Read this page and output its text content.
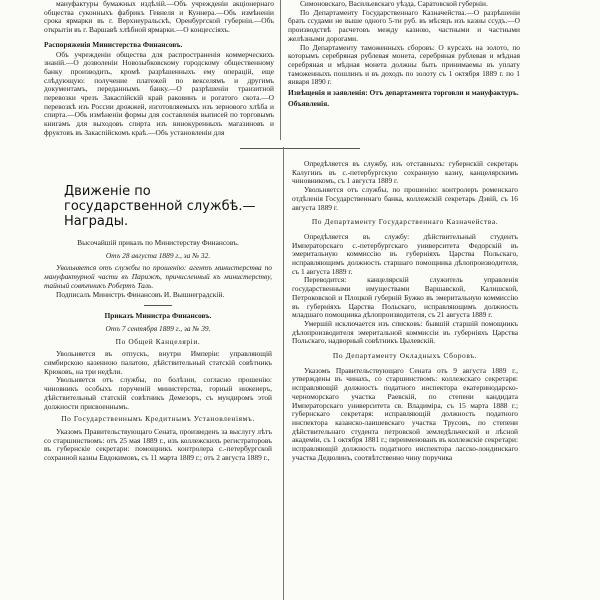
мануфактуры бумажных издѣлій.—Объ учрежденіи акціонернаго общества суконныхъ фабрикъ Гевнеля и Куннера.—Объ измѣненіи срока ярмарки въ г. Верхнеуральскѣ, Оренбургской губерніи.—Объ открытіи въ г. Варшавѣ хлѣбной ярмарки.—О концессіяхъ.

Распоряженія Министерства Финансовъ.

Объ учрежденіи общества для распространенія коммерческихъ знаній.—О дозволеніи Новозыбковскому городскому общественному банку производить, кромѣ разрѣшенныхъ ему операцій, еще слѣдующую: получение платежей по векселямъ и другимъ документамъ, переданнымъ банку.—О разрѣшеніи транзитной перевозки чрезъ Закаспійскій край раковинъ и рогатого скота.—О перевозкѣ изъ России дрожжей, изготовляемыхъ изъ зернового хлѣба и спирта.—Объ измѣненіи формы для составленія выписей по торговымъ книгамъ для выходовъ спирта изъ винокуренныхъ магазиновъ и фруктовъ въ Закаспійскомъ краѣ.—Объ установленіи для

Симоновскаго, Васильевскаго уѣзда, Саратовской губерніи.

По Департаменту Государственнаго Казначейства.—О разрѣшеніи брать ссудами не выше одного 5-ти руб. въ мѣсяцъ изъ казны ссудъ.—О производствѣ расчетовъ между казною, частными и частными желѣзными дорогами.

По Департаменту таможенныхъ сборовъ: О курсахъ на золото, по которымъ серебряная рублевая монета, серебряная рублевая и мѣдная серебряная и мѣдная монета должны быть принимаемы въ уплату таможенныхъ пошлинъ и въ доходъ по золоту съ 1 октября 1889 г. по 1 января 1890 г.

Извѣщенія и заявленія: Отъ департамента торговли и мануфактуръ.

Объявленія.

Движеніе по государственной службѣ.—Награды.

Высочайшій приказъ по Министерству Финансовъ.

Отъ 28 августа 1889 г., за № 32.

Увольняется отъ службы по прошенію: агентъ министерства по мануфактурной части въ Парижѣ, причисленный къ министерству, тайный совѣтникъ Робертъ Таль.

Подписалъ Министръ Финансовъ И. Вышнеградскій.

Приказъ Министра Финансовъ.

Отъ 7 сентября 1889 г., за № 39.

По Общей Канцеляріи.

Увольняется въ отпускъ, внутри Имперіи: управляющій симбирскою казенною палатою, дѣйствительный статскій совѣтникъ Крюковъ, на три недѣли.

Увольняется отъ службы, по болѣзни, согласно прошенію: чиновникъ особыхъ порученій министерства, горный инженеръ, дѣйствительный статскій совѣтникъ Демезоръ, съ мундиромъ этой должности присвоеннымъ.

По Государственнымъ Кредитнымъ Установленіямъ.

Указомъ Правительствующаго Сената, произведенъ за выслугу лѣтъ со старшинствомъ: отъ 25 мая 1889 г., изъ коллежскихъ регистраторовъ въ губернскіе секретари: помощникъ контролера с.-петербургской сохранной казны Евдокимовъ, съ 11 марта 1889 г.; отъ 2 августа 1889 г.,

Опредѣляется въ службу, изъ отставныхъ: губернскій секретарь Калугинъ въ с.-петербургскую сохранную казну, канцелярскимъ чиновникомъ, съ 1 августа 1889 г.

Увольняется отъ службы, по прошенію: контролеръ роменскаго отдѣленія Государственнаго банка, коллежскій секретарь Дэвій, съ 16 августа 1889 г.

По Департаменту Государственнаго Казначейства.

Опредѣляется въ службу: дѣйствительный студентъ Императорскаго с.-петербургскаго университета Федорскій въ эмеритальную коммиссію въ губерніяхъ Царства Польскаго, исправляющимъ должность старшаго помощника дѣлопроизводителя, съ 1 августа 1889 г.

Переводится: канцелярскій служитель управленія государственными имуществами Варшавской, Калишской, Петроковской и Плоцкой губерній Бужко въ эмеритальную коммиссію въ губерніяхъ Царства Польскаго, исправляющимъ должность младшаго помощника дѣлопроизводителя, съ 21 августа 1889 г.

Умершій исключается изъ списковъ: бывшій старшій помощникъ дѣлопроизводителя эмеритальной коммиссіи въ губерніяхъ Царства Польскаго, надворный совѣтникъ Цылевскій.

По Департаменту Окладныхъ Сборовъ.

Указомъ Правительствующаго Сената отъ 9 августа 1889 г., утверждены въ чинахъ, со старшинствомъ: коллежскаго секретаря: исправляющій должность податного инспектора екатеринодарско-черноморскаго участка Раевскій, по степени кандидата Императорскаго университета св. Владиміра, съ 15 марта 1888 г.; губернскаго секретаря: исправляющій должность податного инспектора казанско-лаишевскаго участка Трусовъ, по степени дѣйствительнаго студента петровской земледѣльческой и лѣсной академіи, съ 1 октября 1881 г.; переименованъ въ коллежскіе секретари: исправляющій должность податного инспектора ласско-лондинскаго участка Дедюлинъ, соотвѣтственно чину поручика
